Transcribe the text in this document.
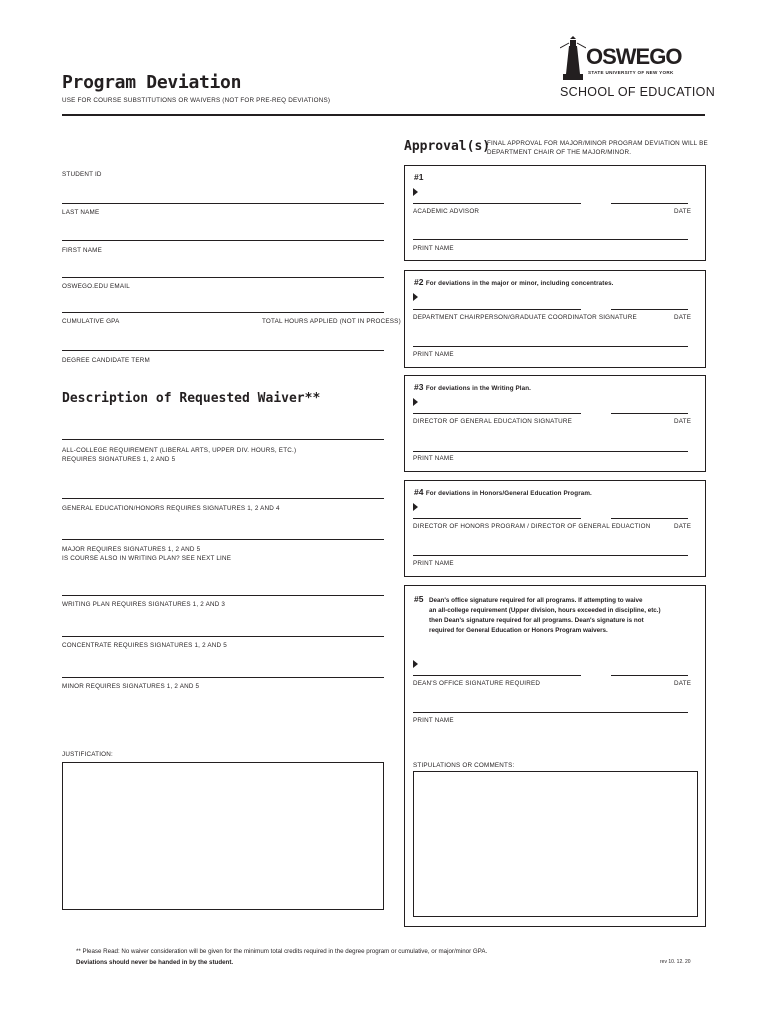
Program Deviation
USE FOR COURSE SUBSTITUTIONS OR WAIVERS (NOT FOR PRE-REQ DEVIATIONS)
OSWEGO
STATE UNIVERSITY OF NEW YORK
SCHOOL OF EDUCATION
STUDENT ID
LAST NAME
FIRST NAME
OSWEGO.EDU EMAIL
CUMULATIVE GPA	TOTAL HOURS APPLIED (NOT IN PROCESS)
DEGREE CANDIDATE TERM
Description of Requested Waiver**
ALL-COLLEGE REQUIREMENT (LIBERAL ARTS, UPPER DIV. HOURS, ETC.)
REQUIRES SIGNATURES 1, 2 AND 5
GENERAL EDUCATION/HONORS REQUIRES SIGNATURES 1, 2 AND 4
MAJOR REQUIRES SIGNATURES 1, 2 AND 5
IS COURSE ALSO IN WRITING PLAN? SEE NEXT LINE
WRITING PLAN REQUIRES SIGNATURES 1, 2 AND 3
CONCENTRATE REQUIRES SIGNATURES 1, 2 AND 5
MINOR REQUIRES SIGNATURES 1, 2 AND 5
JUSTIFICATION:
Approval(s)
FINAL APPROVAL FOR MAJOR/MINOR PROGRAM DEVIATION WILL BE
DEPARTMENT CHAIR OF THE MAJOR/MINOR.
#1
ACADEMIC ADVISOR	DATE
PRINT NAME
#2 For deviations in the major or minor, including concentrates.
DEPARTMENT CHAIRPERSON/GRADUATE COORDINATOR SIGNATURE	DATE
PRINT NAME
#3 For deviations in the Writing Plan.
DIRECTOR OF GENERAL EDUCATION SIGNATURE	DATE
PRINT NAME
#4 For deviations in Honors/General Education Program.
DIRECTOR OF HONORS PROGRAM / DIRECTOR OF GENERAL EDUACTION	DATE
PRINT NAME
#5 Dean's office signature required for all programs. If attempting to waive
an all-college requirement (Upper division, hours exceeded in discipline, etc.)
then Dean's signature required for all programs. Dean's signature is not
required for General Education or Honors Program waivers.
DEAN'S OFFICE SIGNATURE REQUIRED	DATE
PRINT NAME
STIPULATIONS OR COMMENTS:
** Please Read: No waiver consideration will be given for the minimum total credits required in the degree program or cumulative, or major/minor GPA.
Deviations should never be handed in by the student.	rev 10. 12. 20
